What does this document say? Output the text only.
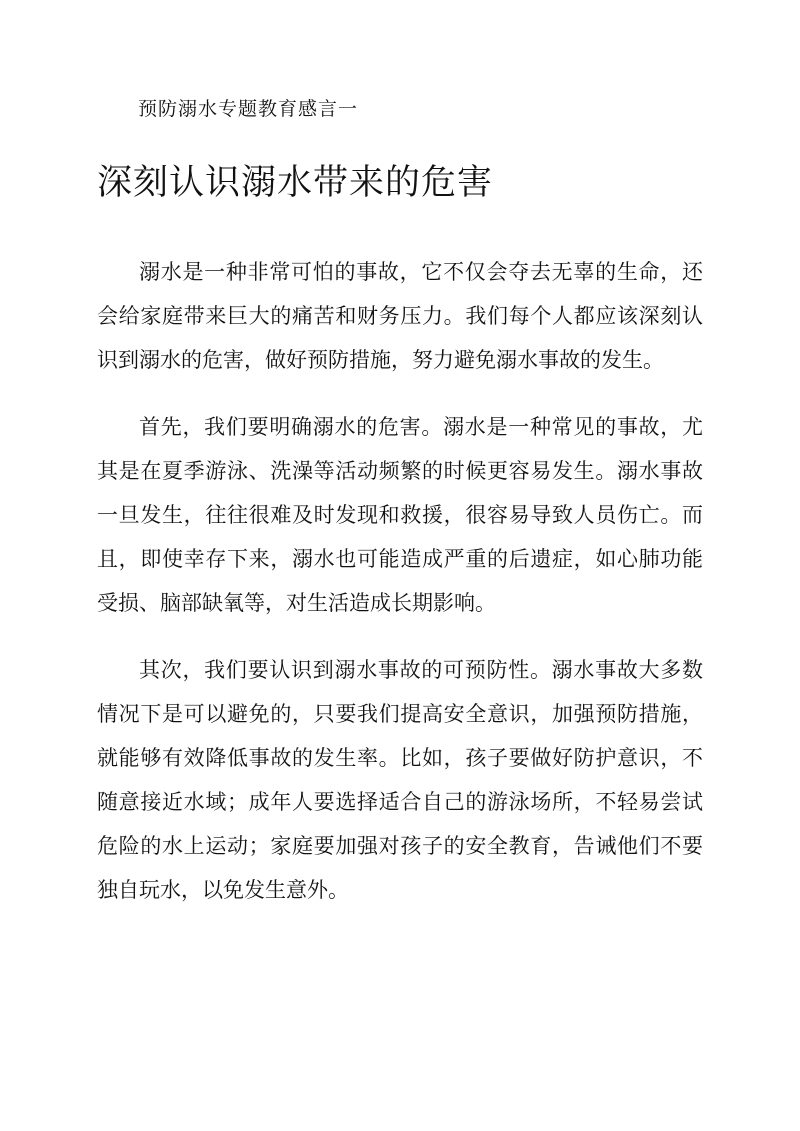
预防溺水专题教育感言一
深刻认识溺水带来的危害

溺水是一种非常可怕的事故，它不仅会夺去无辜的生命，还会给家庭带来巨大的痛苦和财务压力。我们每个人都应该深刻认识到溺水的危害，做好预防措施，努力避免溺水事故的发生。

首先，我们要明确溺水的危害。溺水是一种常见的事故，尤其是在夏季游泳、洗澡等活动频繁的时候更容易发生。溺水事故一旦发生，往往很难及时发现和救援，很容易导致人员伤亡。而且，即使幸存下来，溺水也可能造成严重的后遗症，如心肺功能受损、脑部缺氧等，对生活造成长期影响。

其次，我们要认识到溺水事故的可预防性。溺水事故大多数情况下是可以避免的，只要我们提高安全意识，加强预防措施，就能够有效降低事故的发生率。比如，孩子要做好防护意识，不随意接近水域；成年人要选择适合自己的游泳场所，不轻易尝试危险的水上运动；家庭要加强对孩子的安全教育，告诫他们不要独自玩水，以免发生意外。
